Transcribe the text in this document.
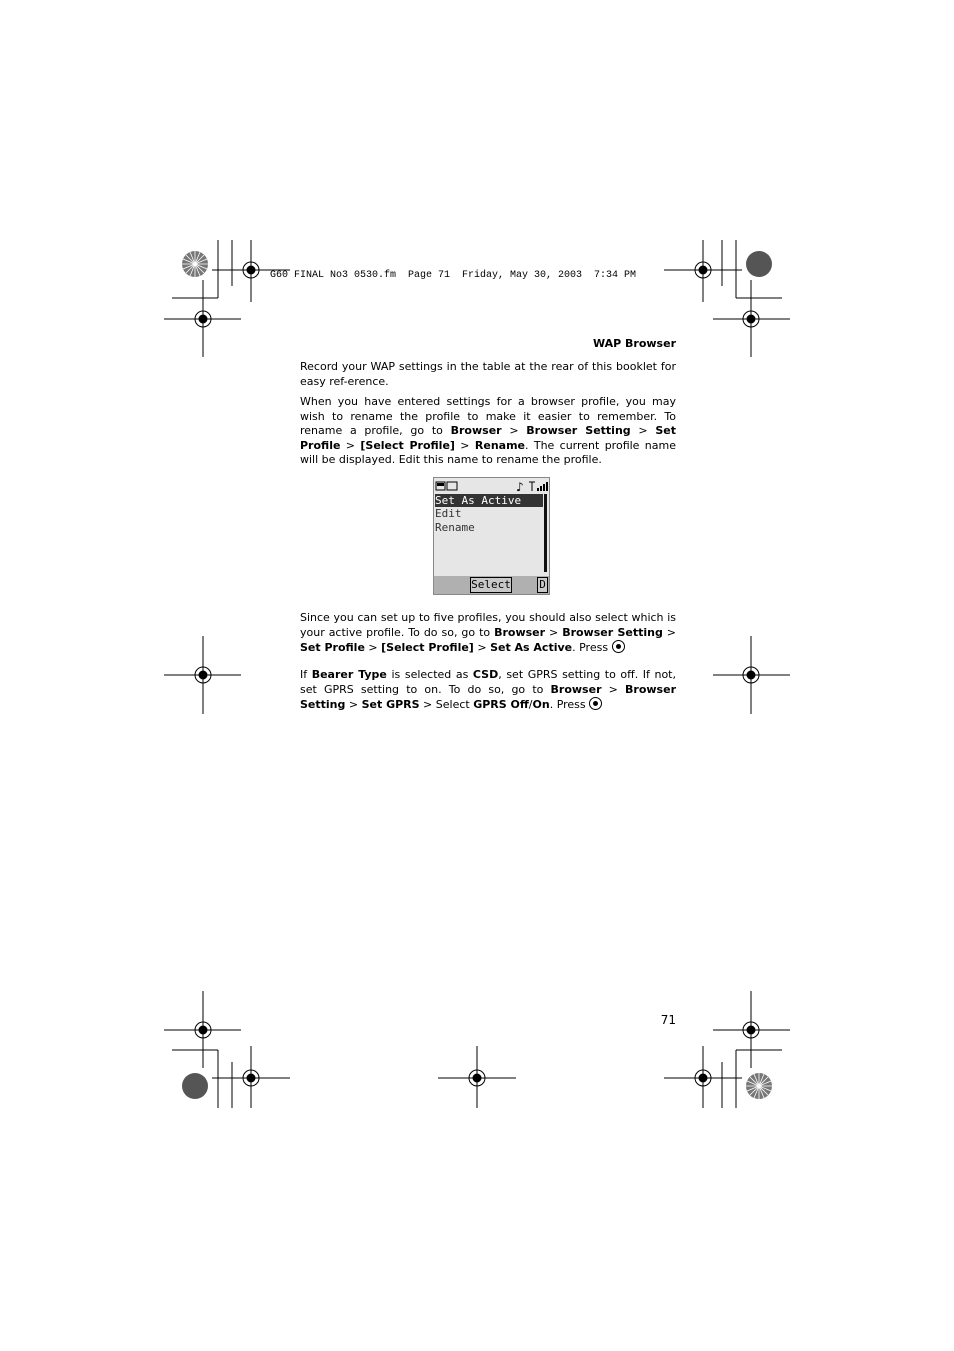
G60 FINAL No3 0530.fm  Page 71  Friday, May 30, 2003  7:34 PM
WAP Browser
Record your WAP settings in the table at the rear of this booklet for easy ref-erence.
When you have entered settings for a browser profile, you may wish to rename the profile to make it easier to remember. To rename a profile, go to Browser > Browser Setting > Set Profile > [Select Profile] > Rename. The current profile name will be displayed. Edit this name to rename the profile.
♪
Set As Active
Edit
Rename
Select	D
Since you can set up to five profiles, you should also select which is your active profile. To do so, go to Browser > Browser Setting > Set Profile > [Select Profile] > Set As Active. Press
If Bearer Type is selected as CSD, set GPRS setting to off. If not, set GPRS setting to on. To do so, go to Browser > Browser Setting > Set GPRS > Select GPRS Off/On. Press
71
